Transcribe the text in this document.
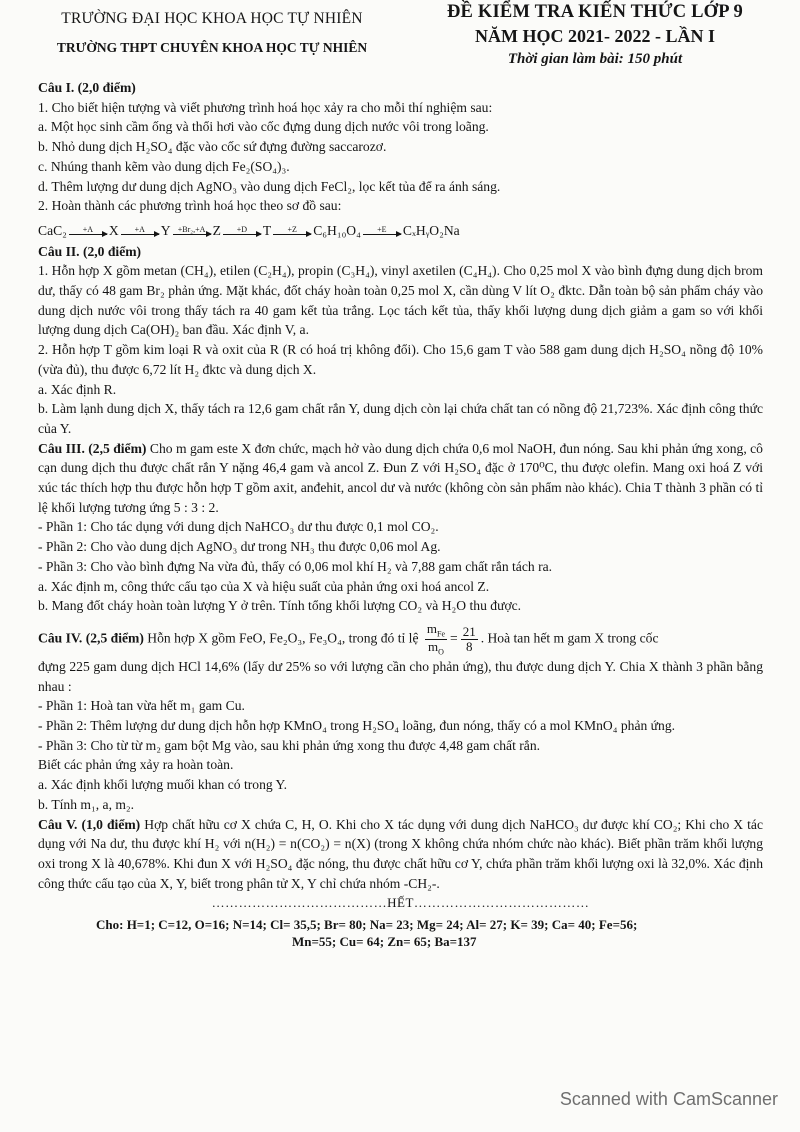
TRƯỜNG ĐẠI HỌC KHOA HỌC TỰ NHIÊN
TRƯỜNG THPT CHUYÊN KHOA HỌC TỰ NHIÊN
ĐỀ KIỂM TRA KIẾN THỨC LỚP 9
NĂM HỌC 2021- 2022 - LẦN I
Thời gian làm bài: 150 phút

Câu I. (2,0 điểm)

1. Cho biết hiện tượng và viết phương trình hoá học xảy ra cho mỗi thí nghiệm sau:

a. Một học sinh cầm ống và thổi hơi vào cốc đựng dung dịch nước vôi trong loãng.

b. Nhỏ dung dịch H₂SO₄ đặc vào cốc sứ đựng đường saccarozơ.

c. Nhúng thanh kẽm vào dung dịch Fe₂(SO₄)₃.

d. Thêm lượng dư dung dịch AgNO₃ vào dung dịch FeCl₂, lọc kết tủa để ra ánh sáng.

2. Hoàn thành các phương trình hoá học theo sơ đồ sau:

CaC₂ +A X +A Y +Br₂,+A Z +D T +Z C₆H₁₀O₄ +E CₓHᵧO₂Na

Câu II. (2,0 điểm)

1. Hỗn hợp X gồm metan (CH₄), etilen (C₂H₄), propin (C₃H₄), vinyl axetilen (C₄H₄). Cho 0,25 mol X vào bình đựng dung dịch brom dư, thấy có 48 gam Br₂ phản ứng. Mặt khác, đốt cháy hoàn toàn 0,25 mol X, cần dùng V lít O₂ đktc. Dẫn toàn bộ sản phẩm cháy vào dung dịch nước vôi trong thấy tách ra 40 gam kết tủa trắng. Lọc tách kết tủa, thấy khối lượng dung dịch giảm a gam so với khối lượng dung dịch Ca(OH)₂ ban đầu. Xác định V, a.

2. Hỗn hợp T gồm kim loại R và oxit của R (R có hoá trị không đổi). Cho 15,6 gam T vào 588 gam dung dịch H₂SO₄ nồng độ 10% (vừa đủ), thu được 6,72 lít H₂ đktc và dung dịch X.

a. Xác định R.

b. Làm lạnh dung dịch X, thấy tách ra 12,6 gam chất rắn Y, dung dịch còn lại chứa chất tan có nồng độ 21,723%. Xác định công thức của Y.

Câu III. (2,5 điểm) Cho m gam este X đơn chức, mạch hở vào dung dịch chứa 0,6 mol NaOH, đun nóng. Sau khi phản ứng xong, cô cạn dung dịch thu được chất rắn Y nặng 46,4 gam và ancol Z. Đun Z với H₂SO₄ đặc ở 170⁰C, thu được olefin. Mang oxi hoá Z với xúc tác thích hợp thu được hỗn hợp T gồm axit, anđehit, ancol dư và nước (không còn sản phẩm nào khác). Chia T thành 3 phần có tỉ lệ khối lượng tương ứng 5 : 3 : 2.

- Phần 1: Cho tác dụng với dung dịch NaHCO₃ dư thu được 0,1 mol CO₂.

- Phần 2: Cho vào dung dịch AgNO₃ dư trong NH₃ thu được 0,06 mol Ag.

- Phần 3: Cho vào bình đựng Na vừa đủ, thấy có 0,06 mol khí H₂ và 7,88 gam chất rắn tách ra.

a. Xác định m, công thức cấu tạo của X và hiệu suất của phản ứng oxi hoá ancol Z.

b. Mang đốt cháy hoàn toàn lượng Y ở trên. Tính tổng khối lượng CO₂ và H₂O thu được.

Câu IV. (2,5 điểm) Hỗn hợp X gồm FeO, Fe₂O₃, Fe₃O₄, trong đó tỉ lệ $\frac{m_{Fe}}{m_O} = \frac{21}{8}$ . Hoà tan hết m gam X trong cốc

đựng 225 gam dung dịch HCl 14,6% (lấy dư 25% so với lượng cần cho phản ứng), thu được dung dịch Y. Chia X thành 3 phần bằng nhau :

- Phần 1: Hoà tan vừa hết m₁ gam Cu.

- Phần 2: Thêm lượng dư dung dịch hỗn hợp KMnO₄ trong H₂SO₄ loãng, đun nóng, thấy có a mol KMnO₄ phản ứng.

- Phần 3: Cho từ từ m₂ gam bột Mg vào, sau khi phản ứng xong thu được 4,48 gam chất rắn.

Biết các phản ứng xảy ra hoàn toàn.

a. Xác định khối lượng muối khan có trong Y.

b. Tính m₁, a, m₂.

Câu V. (1,0 điểm) Hợp chất hữu cơ X chứa C, H, O. Khi cho X tác dụng với dung dịch NaHCO₃ dư được khí CO₂; Khi cho X tác dụng với Na dư, thu được khí H₂ với n(H₂) = n(CO₂) = n(X) (trong X không chứa nhóm chức nào khác). Biết phần trăm khối lượng oxi trong X là 40,678%. Khi đun X với H₂SO₄ đặc nóng, thu được chất hữu cơ Y, chứa phần trăm khối lượng oxi là 32,0%. Xác định công thức cấu tạo của X, Y, biết trong phân tử X, Y chỉ chứa nhóm -CH₂-.

…………………………………HẾT…………………………………

Cho: H=1; C=12, O=16; N=14; Cl= 35,5; Br= 80; Na= 23; Mg= 24; Al= 27; K= 39; Ca= 40; Fe=56;
Mn=55; Cu= 64; Zn= 65; Ba=137
Scanned with CamScanner
